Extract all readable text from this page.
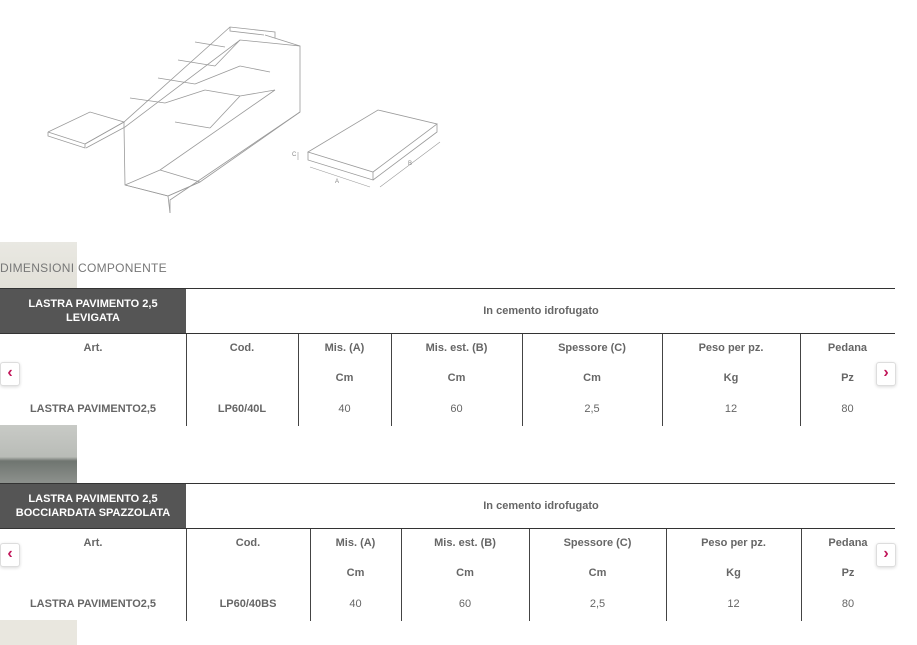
C
A
B
DIMENSIONI COMPONENTE
LASTRA PAVIMENTO 2,5 LEVIGATA
In cemento idrofugato
Art.
LASTRA PAVIMENTO2,5
Cod.
LP60/40L
Mis. (A)
Cm
40
Mis. est. (B)
Cm
60
Spessore (C)
Cm
2,5
Peso per pz.
Kg
12
Pedana
Pz
80
‹	›
LASTRA PAVIMENTO 2,5 BOCCIARDATA SPAZZOLATA
In cemento idrofugato
Art.
LASTRA PAVIMENTO2,5
Cod.
LP60/40BS
Mis. (A)
Cm
40
Mis. est. (B)
Cm
60
Spessore (C)
Cm
2,5
Peso per pz.
Kg
12
Pedana
Pz
80
‹	›
